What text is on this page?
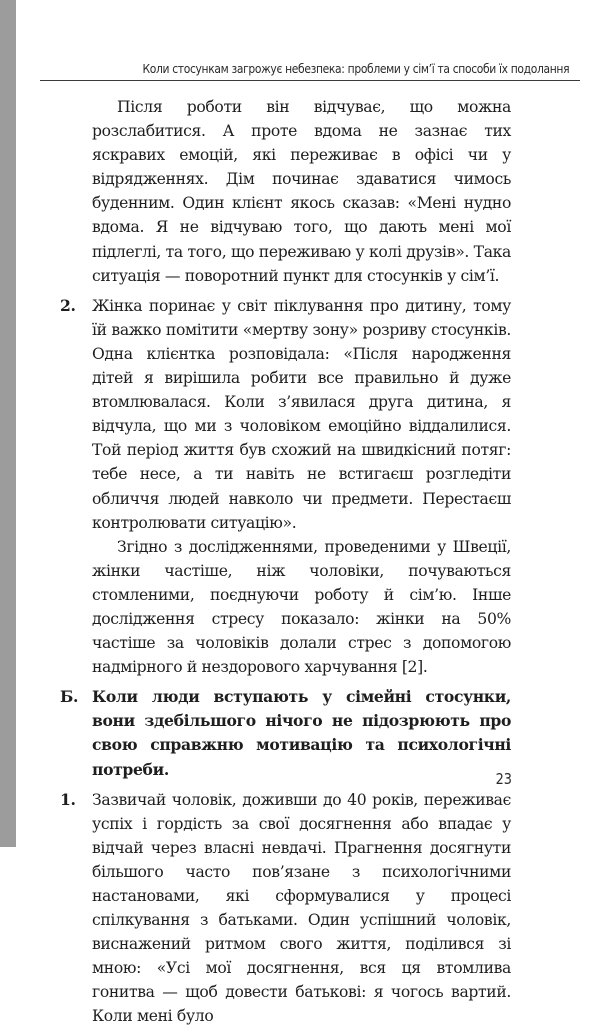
Коли стосункам загрожує небезпека: проблеми у сім’ї та способи їх подолання

Після роботи він відчуває, що можна розслабитися. А проте вдома не зазнає тих яскравих емоцій, які переживає в офісі чи у відрядженнях. Дім починає здаватися чимось буденним. Один клієнт якось сказав: «Мені нудно вдома. Я не відчуваю того, що дають мені мої підлеглі, та того, що переживаю у колі друзів». Така ситуація — поворотний пункт для стосунків у сім’ї.

2. Жінка поринає у світ піклування про дитину, тому їй важко помітити «мертву зону» розриву стосунків. Одна клієнтка розповідала: «Після народження дітей я вирішила робити все правильно й дуже втомлювалася. Коли з’явилася друга дитина, я відчула, що ми з чоловіком емоційно віддалилися. Той період життя був схожий на швидкісний потяг: тебе несе, а ти навіть не встигаєш розгледіти обличчя людей навколо чи предмети. Перестаєш контролювати ситуацію».

Згідно з дослідженнями, проведеними у Швеції, жінки частіше, ніж чоловіки, почуваються стомленими, поєднуючи роботу й сім’ю. Інше дослідження стресу показало: жінки на 50% частіше за чоловіків долали стрес з допомогою надмірного й нездорового харчування [2].

Б. Коли люди вступають у сімейні стосунки, вони здебільшого нічого не підозрюють про свою справжню мотивацію та психологічні потреби.
1. Зазвичай чоловік, доживши до 40 років, переживає успіх і гордість за свої досягнення або впадає у відчай через власні невдачі. Прагнення досягнути більшого часто пов’язане з психологічними настановами, які сформувалися у процесі спілкування з батьками. Один успішний чоловік, виснажений ритмом свого життя, поділився зі мною: «Усі мої досягнення, вся ця втомлива гонитва — щоб довести батькові: я чогось вартий. Коли мені було
23
